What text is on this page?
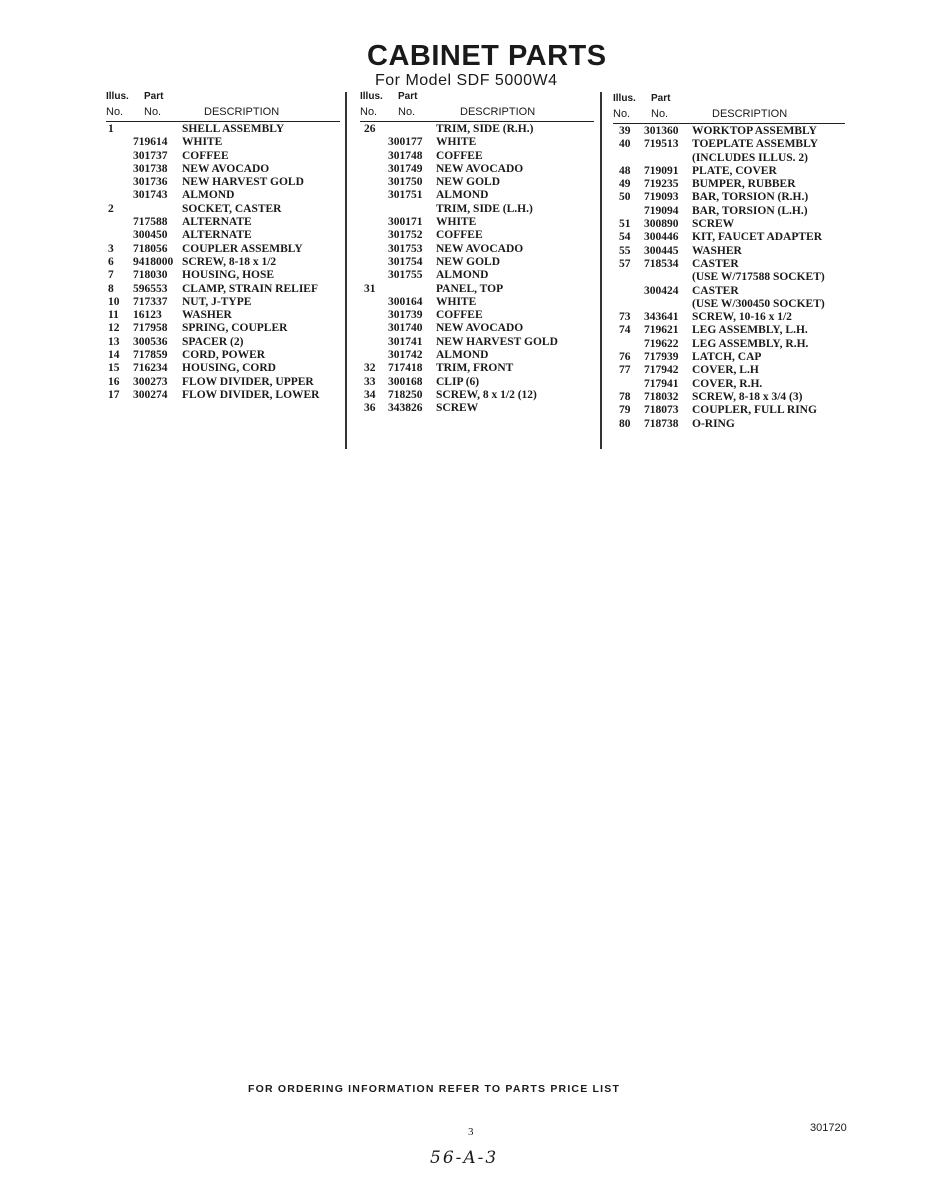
CABINET PARTS
For Model SDF 5000W4
Illus. Part
No. No.	DESCRIPTION
1	SHELL ASSEMBLY
719614 WHITE
301737 COFFEE
301738 NEW AVOCADO
301736 NEW HARVEST GOLD
301743 ALMOND
2	SOCKET, CASTER
717588 ALTERNATE
300450 ALTERNATE
3 718056 COUPLER ASSEMBLY
6 9418000 SCREW, 8-18 x 1/2
7 718030 HOUSING, HOSE
8 596553 CLAMP, STRAIN RELIEF
10 717337 NUT, J-TYPE
11 16123 WASHER
12 717958 SPRING, COUPLER
13 300536 SPACER (2)
14 717859 CORD, POWER
15 716234 HOUSING, CORD
16 300273 FLOW DIVIDER, UPPER
17 300274 FLOW DIVIDER, LOWER
Illus. Part
No. No.	DESCRIPTION
26	TRIM, SIDE (R.H.)
300177 WHITE
301748 COFFEE
301749 NEW AVOCADO
301750 NEW GOLD
301751 ALMOND
TRIM, SIDE (L.H.)
300171 WHITE
301752 COFFEE
301753 NEW AVOCADO
301754 NEW GOLD
301755 ALMOND
31	PANEL, TOP
300164 WHITE
301739 COFFEE
301740 NEW AVOCADO
301741 NEW HARVEST GOLD
301742 ALMOND
32 717418 TRIM, FRONT
33 300168 CLIP (6)
34 718250 SCREW, 8 x 1/2 (12)
36 343826 SCREW
Illus. Part
No. No.	DESCRIPTION
39 301360 WORKTOP ASSEMBLY
40 719513 TOEPLATE ASSEMBLY
(INCLUDES ILLUS. 2)
48 719091 PLATE, COVER
49 719235 BUMPER, RUBBER
50 719093 BAR, TORSION (R.H.)
719094 BAR, TORSION (L.H.)
51 300890 SCREW
54 300446 KIT, FAUCET ADAPTER
55 300445 WASHER
57 718534 CASTER
(USE W/717588 SOCKET)
300424 CASTER
(USE W/300450 SOCKET)
73 343641 SCREW, 10-16 x 1/2
74 719621 LEG ASSEMBLY, L.H.
719622 LEG ASSEMBLY, R.H.
76 717939 LATCH, CAP
77 717942 COVER, L.H
717941 COVER, R.H.
78 718032 SCREW, 8-18 x 3/4 (3)
79 718073 COUPLER, FULL RING
80 718738 O-RING
FOR ORDERING INFORMATION REFER TO PARTS PRICE LIST
3	301720
56-A-3
